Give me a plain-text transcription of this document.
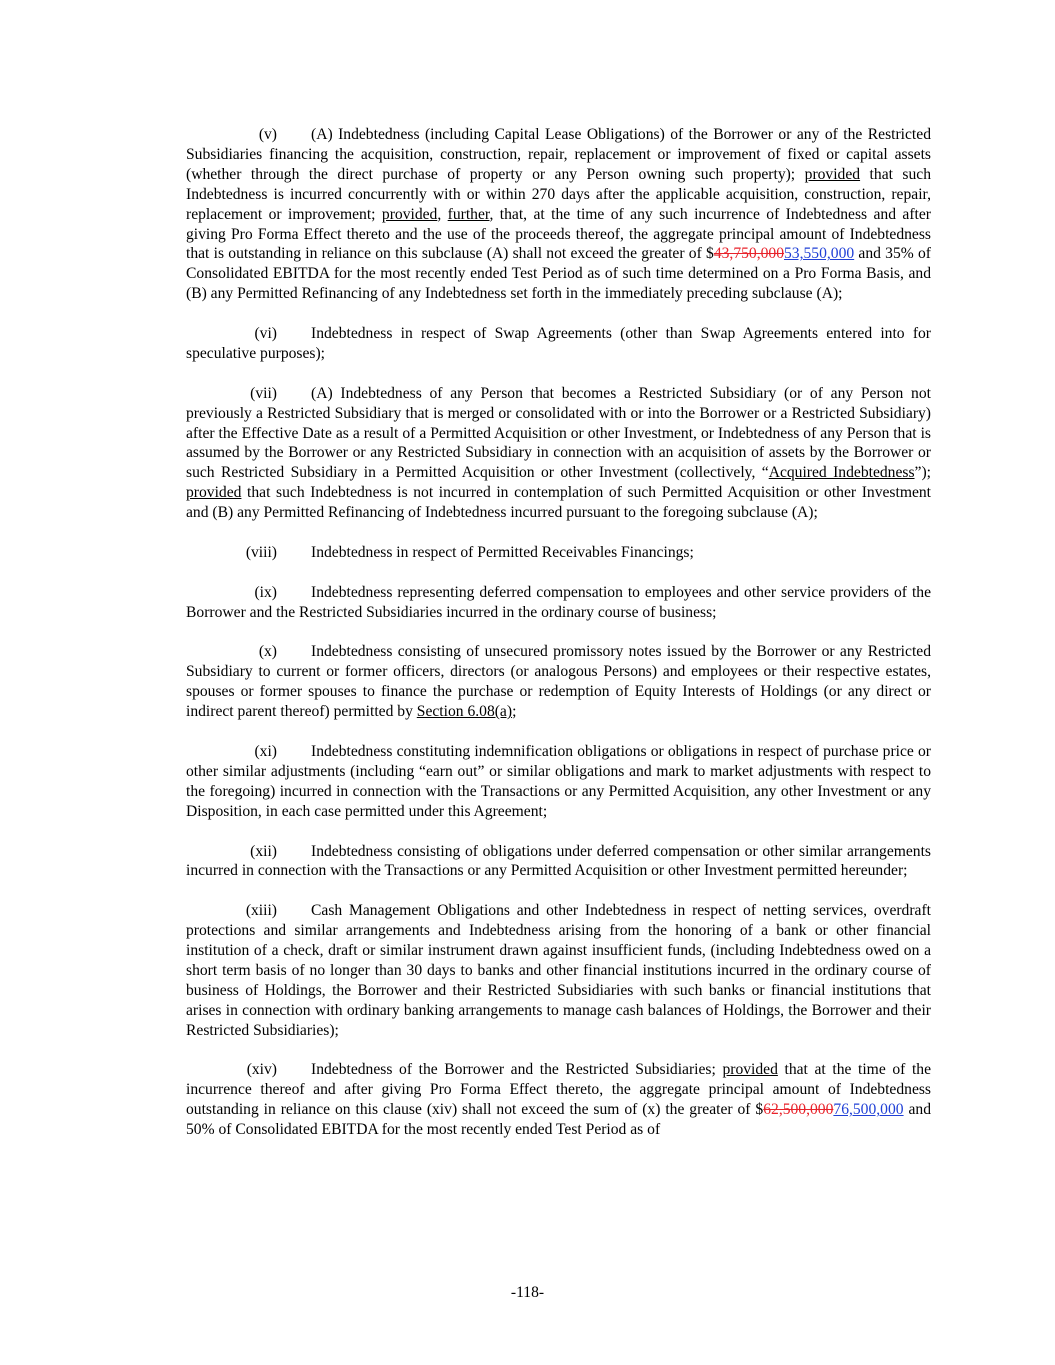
(v) (A) Indebtedness (including Capital Lease Obligations) of the Borrower or any of the Restricted Subsidiaries financing the acquisition, construction, repair, replacement or improvement of fixed or capital assets (whether through the direct purchase of property or any Person owning such property); provided that such Indebtedness is incurred concurrently with or within 270 days after the applicable acquisition, construction, repair, replacement or improvement; provided, further, that, at the time of any such incurrence of Indebtedness and after giving Pro Forma Effect thereto and the use of the proceeds thereof, the aggregate principal amount of Indebtedness that is outstanding in reliance on this subclause (A) shall not exceed the greater of $43,750,00053,550,000 and 35% of Consolidated EBITDA for the most recently ended Test Period as of such time determined on a Pro Forma Basis, and (B) any Permitted Refinancing of any Indebtedness set forth in the immediately preceding subclause (A);

(vi) Indebtedness in respect of Swap Agreements (other than Swap Agreements entered into for speculative purposes);

(vii) (A) Indebtedness of any Person that becomes a Restricted Subsidiary (or of any Person not previously a Restricted Subsidiary that is merged or consolidated with or into the Borrower or a Restricted Subsidiary) after the Effective Date as a result of a Permitted Acquisition or other Investment, or Indebtedness of any Person that is assumed by the Borrower or any Restricted Subsidiary in connection with an acquisition of assets by the Borrower or such Restricted Subsidiary in a Permitted Acquisition or other Investment (collectively, “Acquired Indebtedness”); provided that such Indebtedness is not incurred in contemplation of such Permitted Acquisition or other Investment and (B) any Permitted Refinancing of Indebtedness incurred pursuant to the foregoing subclause (A);

(viii) Indebtedness in respect of Permitted Receivables Financings;

(ix) Indebtedness representing deferred compensation to employees and other service providers of the Borrower and the Restricted Subsidiaries incurred in the ordinary course of business;

(x) Indebtedness consisting of unsecured promissory notes issued by the Borrower or any Restricted Subsidiary to current or former officers, directors (or analogous Persons) and employees or their respective estates, spouses or former spouses to finance the purchase or redemption of Equity Interests of Holdings (or any direct or indirect parent thereof) permitted by Section 6.08(a);

(xi) Indebtedness constituting indemnification obligations or obligations in respect of purchase price or other similar adjustments (including “earn out” or similar obligations and mark to market adjustments with respect to the foregoing) incurred in connection with the Transactions or any Permitted Acquisition, any other Investment or any Disposition, in each case permitted under this Agreement;

(xii) Indebtedness consisting of obligations under deferred compensation or other similar arrangements incurred in connection with the Transactions or any Permitted Acquisition or other Investment permitted hereunder;

(xiii) Cash Management Obligations and other Indebtedness in respect of netting services, overdraft protections and similar arrangements and Indebtedness arising from the honoring of a bank or other financial institution of a check, draft or similar instrument drawn against insufficient funds, (including Indebtedness owed on a short term basis of no longer than 30 days to banks and other financial institutions incurred in the ordinary course of business of Holdings, the Borrower and their Restricted Subsidiaries with such banks or financial institutions that arises in connection with ordinary banking arrangements to manage cash balances of Holdings, the Borrower and their Restricted Subsidiaries);

(xiv) Indebtedness of the Borrower and the Restricted Subsidiaries; provided that at the time of the incurrence thereof and after giving Pro Forma Effect thereto, the aggregate principal amount of Indebtedness outstanding in reliance on this clause (xiv) shall not exceed the sum of (x) the greater of $62,500,00076,500,000 and 50% of Consolidated EBITDA for the most recently ended Test Period as of

-118-
